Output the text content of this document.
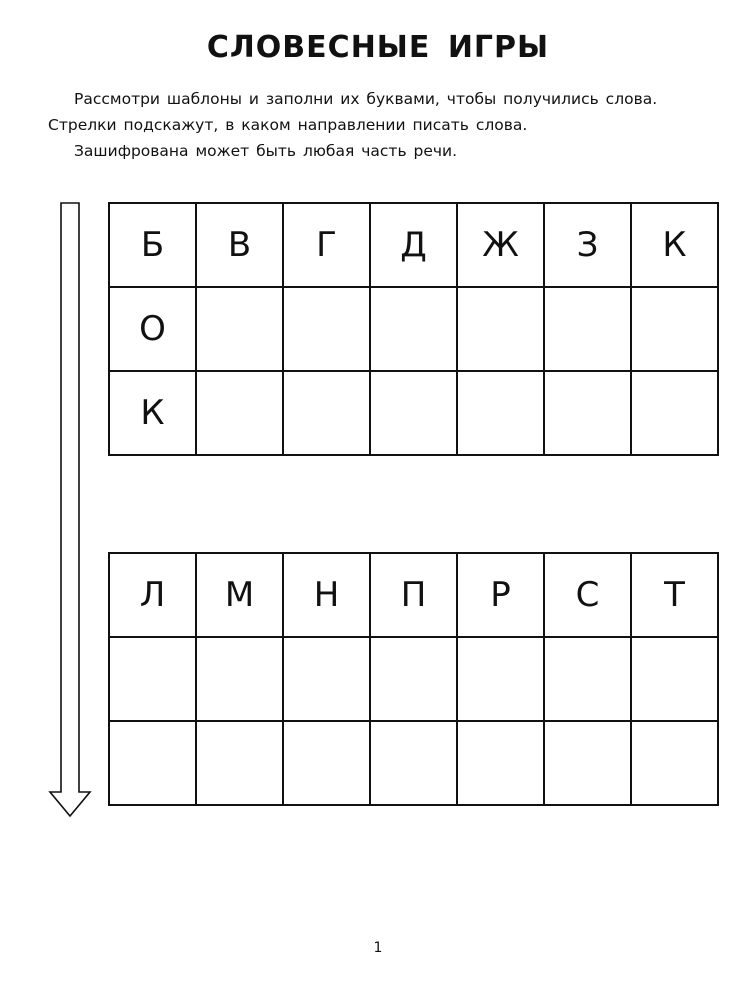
СЛОВЕСНЫЕ ИГРЫ

Рассмотри шаблоны и заполни их буквами, чтобы получились слова.

Стрелки подскажут, в каком направлении писать слова.

Зашифрована может быть любая часть речи.

Б	В	Г	Д	Ж	З	К
О						
К						
Л	М	Н	П	Р	С	Т

1
